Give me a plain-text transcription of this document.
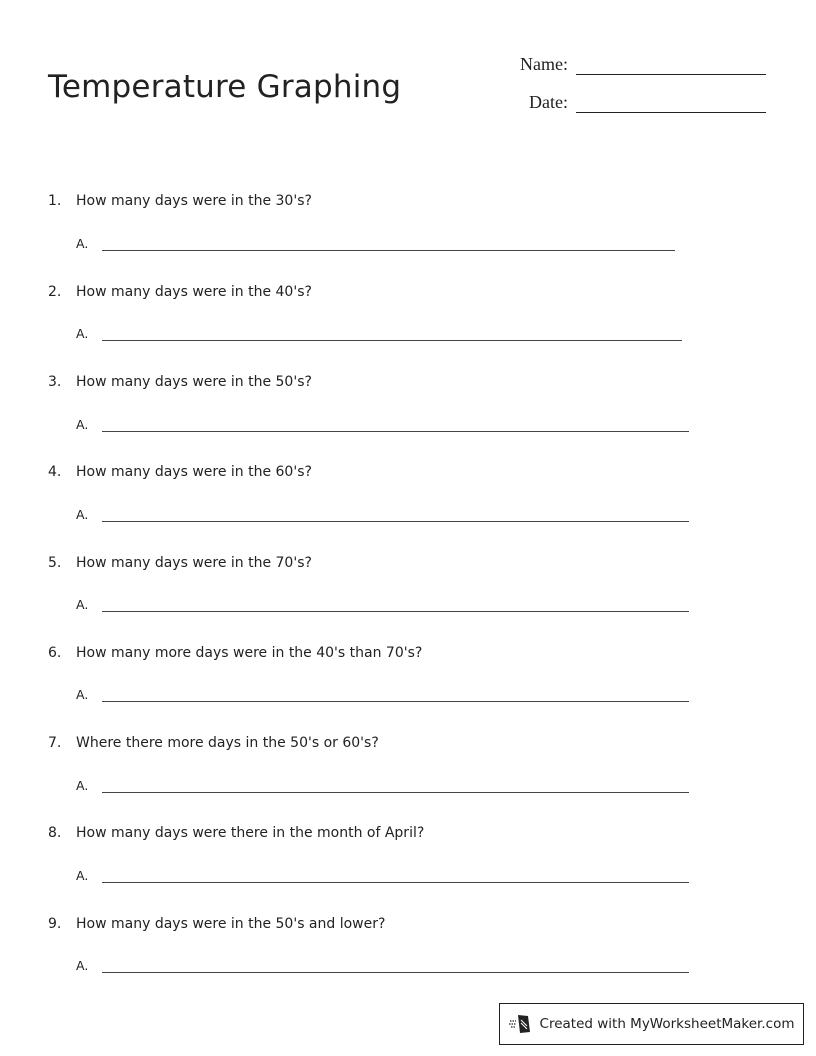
Temperature Graphing
Name:
Date:
1. How many days were in the 30's?
A.
2. How many days were in the 40's?
A.
3. How many days were in the 50's?
A.
4. How many days were in the 60's?
A.
5. How many days were in the 70's?
A.
6. How many more days were in the 40's than 70's?
A.
7. Where there more days in the 50's or 60's?
A.
8. How many days were there in the month of April?
A.
9. How many days were in the 50's and lower?
A.
Created with MyWorksheetMaker.com
